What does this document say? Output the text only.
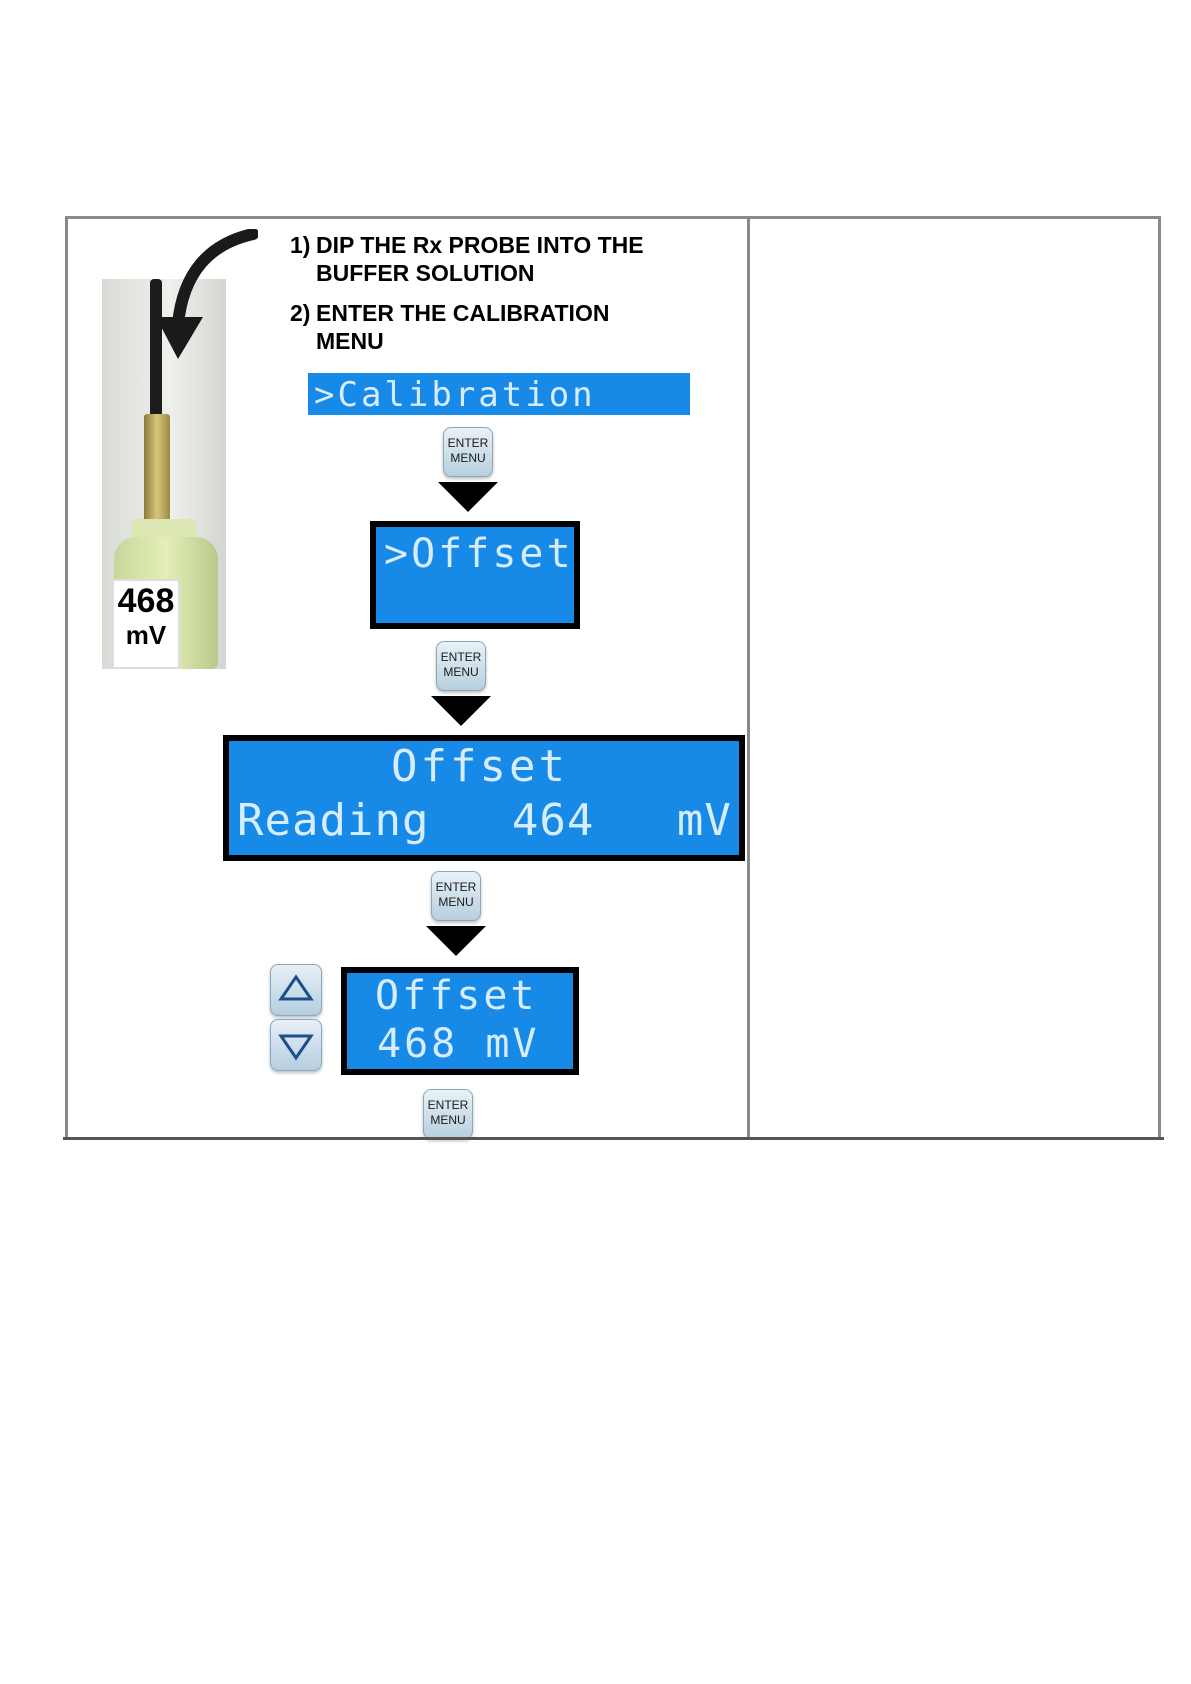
468
mV
1) DIP THE Rx PROBE INTO THE
BUFFER SOLUTION
2) ENTER THE CALIBRATION
MENU

>Calibration

ENTER
MENU

>Offset

ENTER
MENU

Offset

Reading   464   mV

ENTER
MENU

Offset

468 mV

ENTER
MENU
